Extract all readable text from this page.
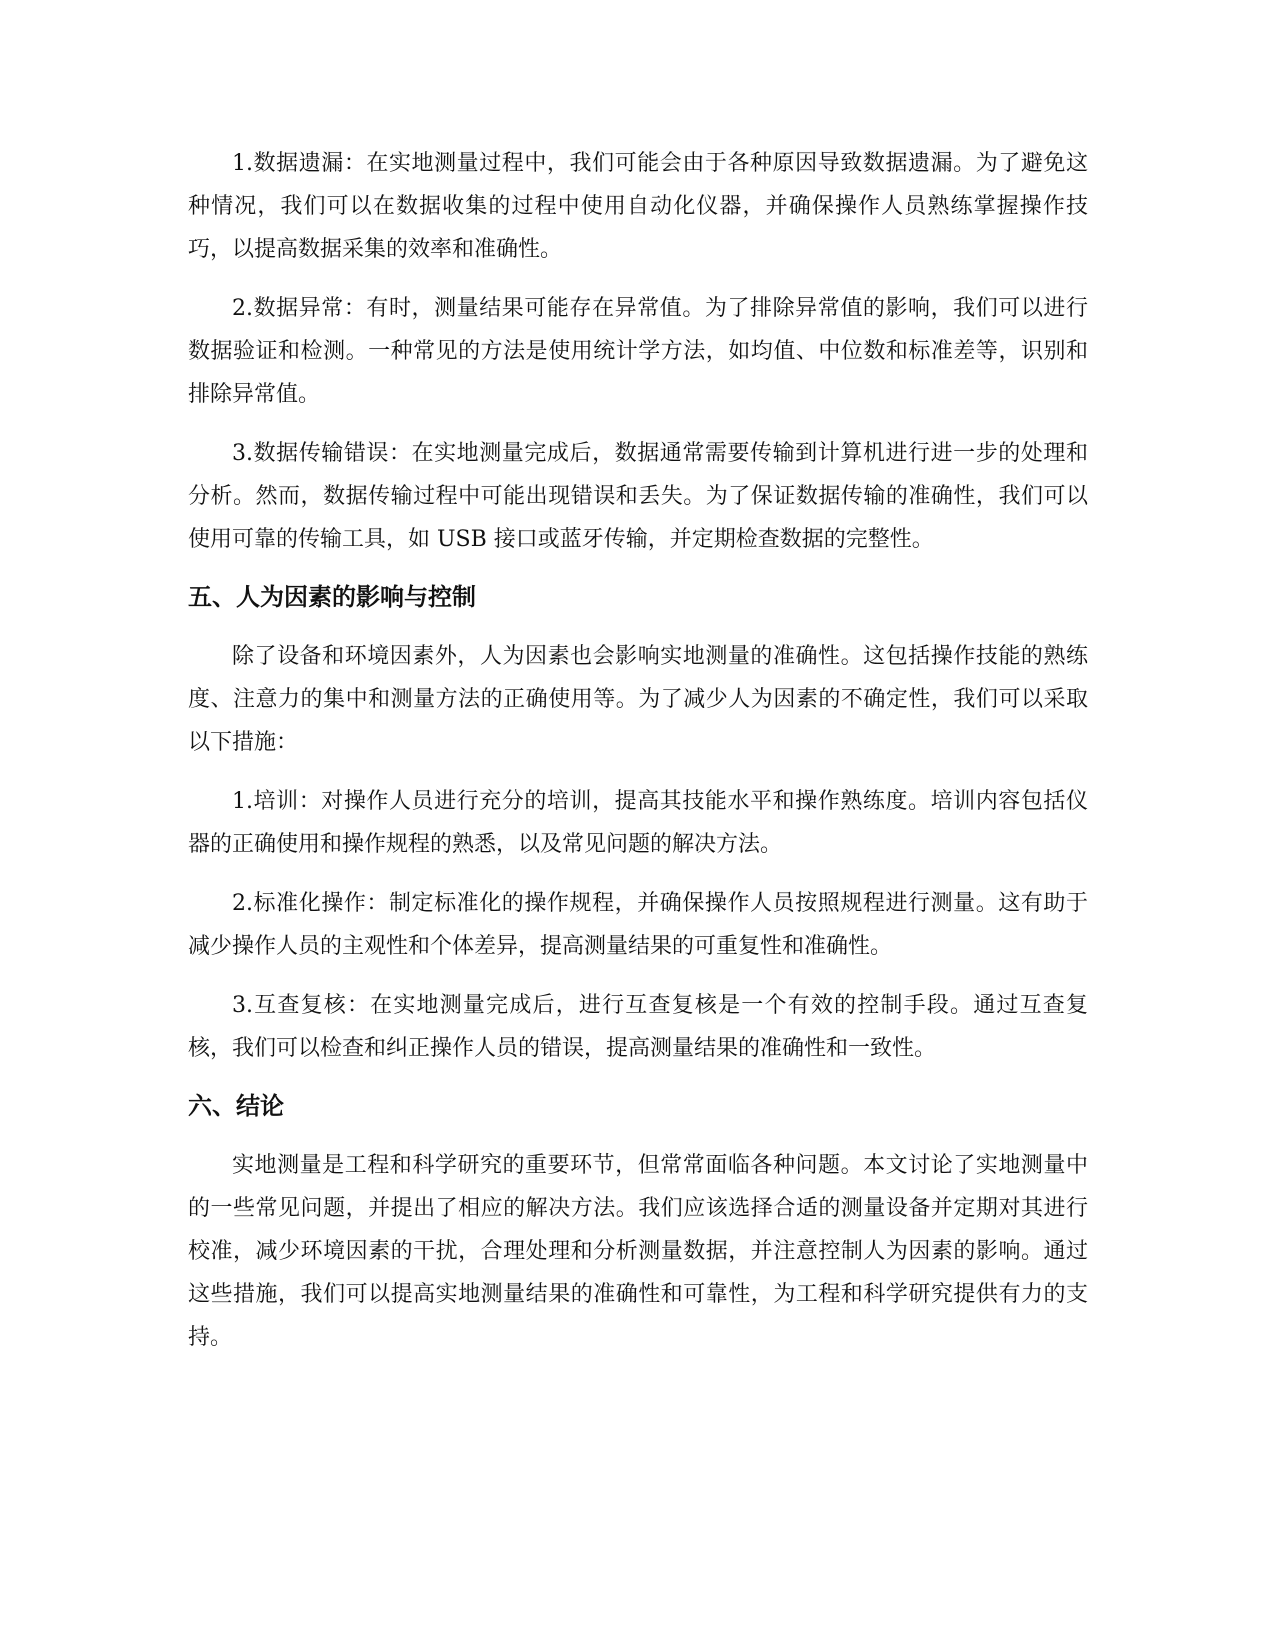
1.数据遗漏：在实地测量过程中，我们可能会由于各种原因导致数据遗漏。为了避免这种情况，我们可以在数据收集的过程中使用自动化仪器，并确保操作人员熟练掌握操作技巧，以提高数据采集的效率和准确性。

2.数据异常：有时，测量结果可能存在异常值。为了排除异常值的影响，我们可以进行数据验证和检测。一种常见的方法是使用统计学方法，如均值、中位数和标准差等，识别和排除异常值。

3.数据传输错误：在实地测量完成后，数据通常需要传输到计算机进行进一步的处理和分析。然而，数据传输过程中可能出现错误和丢失。为了保证数据传输的准确性，我们可以使用可靠的传输工具，如 USB 接口或蓝牙传输，并定期检查数据的完整性。

五、人为因素的影响与控制

除了设备和环境因素外，人为因素也会影响实地测量的准确性。这包括操作技能的熟练度、注意力的集中和测量方法的正确使用等。为了减少人为因素的不确定性，我们可以采取以下措施：

1.培训：对操作人员进行充分的培训，提高其技能水平和操作熟练度。培训内容包括仪器的正确使用和操作规程的熟悉，以及常见问题的解决方法。

2.标准化操作：制定标准化的操作规程，并确保操作人员按照规程进行测量。这有助于减少操作人员的主观性和个体差异，提高测量结果的可重复性和准确性。

3.互查复核：在实地测量完成后，进行互查复核是一个有效的控制手段。通过互查复核，我们可以检查和纠正操作人员的错误，提高测量结果的准确性和一致性。

六、结论

实地测量是工程和科学研究的重要环节，但常常面临各种问题。本文讨论了实地测量中的一些常见问题，并提出了相应的解决方法。我们应该选择合适的测量设备并定期对其进行校准，减少环境因素的干扰，合理处理和分析测量数据，并注意控制人为因素的影响。通过这些措施，我们可以提高实地测量结果的准确性和可靠性，为工程和科学研究提供有力的支持。
